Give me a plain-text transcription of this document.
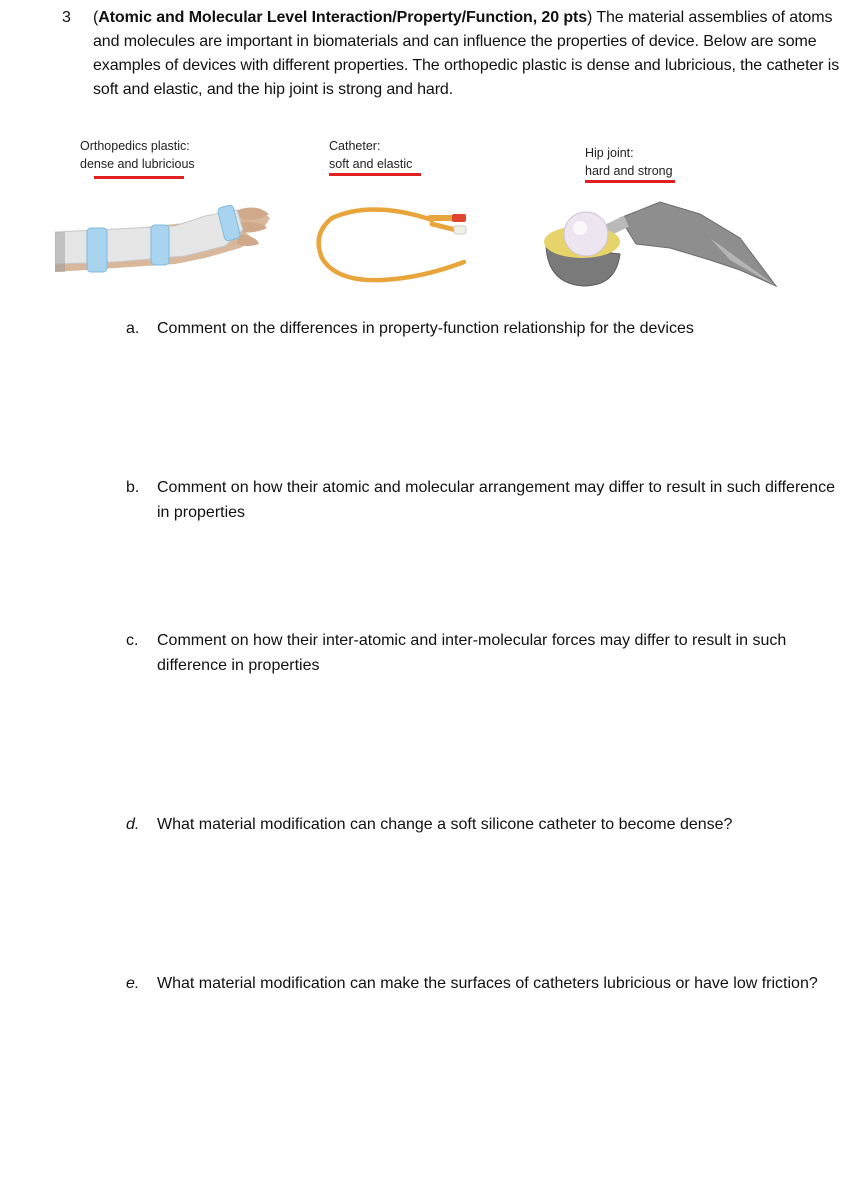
3 (Atomic and Molecular Level Interaction/Property/Function, 20 pts) The material assemblies of atoms and molecules are important in biomaterials and can influence the properties of device. Below are some examples of devices with different properties. The orthopedic plastic is dense and lubricious, the catheter is soft and elastic, and the hip joint is strong and hard.
Orthopedics plastic:
dense and lubricious
Catheter:
soft and elastic
Hip joint:
hard and strong
a.	Comment on the differences in property-function relationship for the devices
b.	Comment on how their atomic and molecular arrangement may differ to result in such difference in properties
c.	Comment on how their inter-atomic and inter-molecular forces may differ to result in such difference in properties
d.	What material modification can change a soft silicone catheter to become dense?
e.	What material modification can make the surfaces of catheters lubricious or have low friction?
